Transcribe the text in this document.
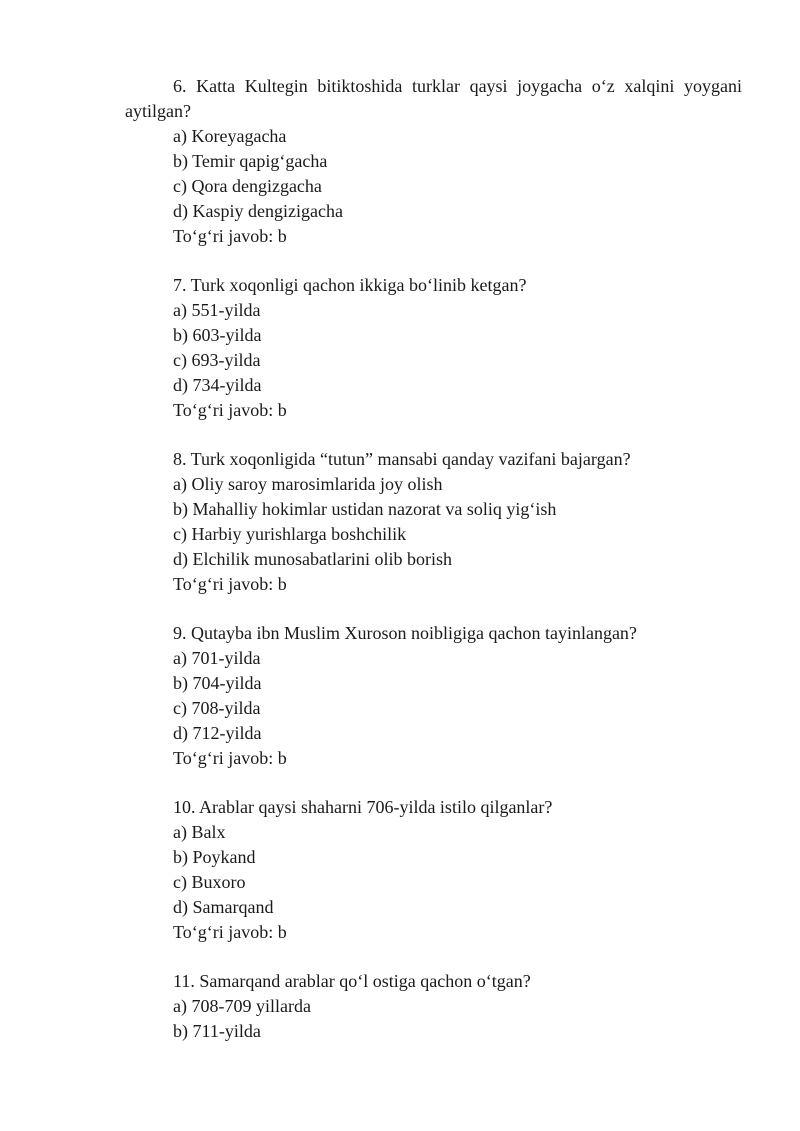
6. Katta Kultegin bitiktoshida turklar qaysi joygacha o‘z xalqini yoygani aytilgan?

a) Koreyagacha

b) Temir qapig‘gacha

c) Qora dengizgacha

d) Kaspiy dengizigacha

To‘g‘ri javob: b

7. Turk xoqonligi qachon ikkiga bo‘linib ketgan?

a) 551-yilda

b) 603-yilda

c) 693-yilda

d) 734-yilda

To‘g‘ri javob: b

8. Turk xoqonligida “tutun” mansabi qanday vazifani bajargan?

a) Oliy saroy marosimlarida joy olish

b) Mahalliy hokimlar ustidan nazorat va soliq yig‘ish

c) Harbiy yurishlarga boshchilik

d) Elchilik munosabatlarini olib borish

To‘g‘ri javob: b

9. Qutayba ibn Muslim Xuroson noibligiga qachon tayinlangan?

a) 701-yilda

b) 704-yilda

c) 708-yilda

d) 712-yilda

To‘g‘ri javob: b

10. Arablar qaysi shaharni 706-yilda istilo qilganlar?

a) Balx

b) Poykand

c) Buxoro

d) Samarqand

To‘g‘ri javob: b

11. Samarqand arablar qo‘l ostiga qachon o‘tgan?

a) 708-709 yillarda

b) 711-yilda
